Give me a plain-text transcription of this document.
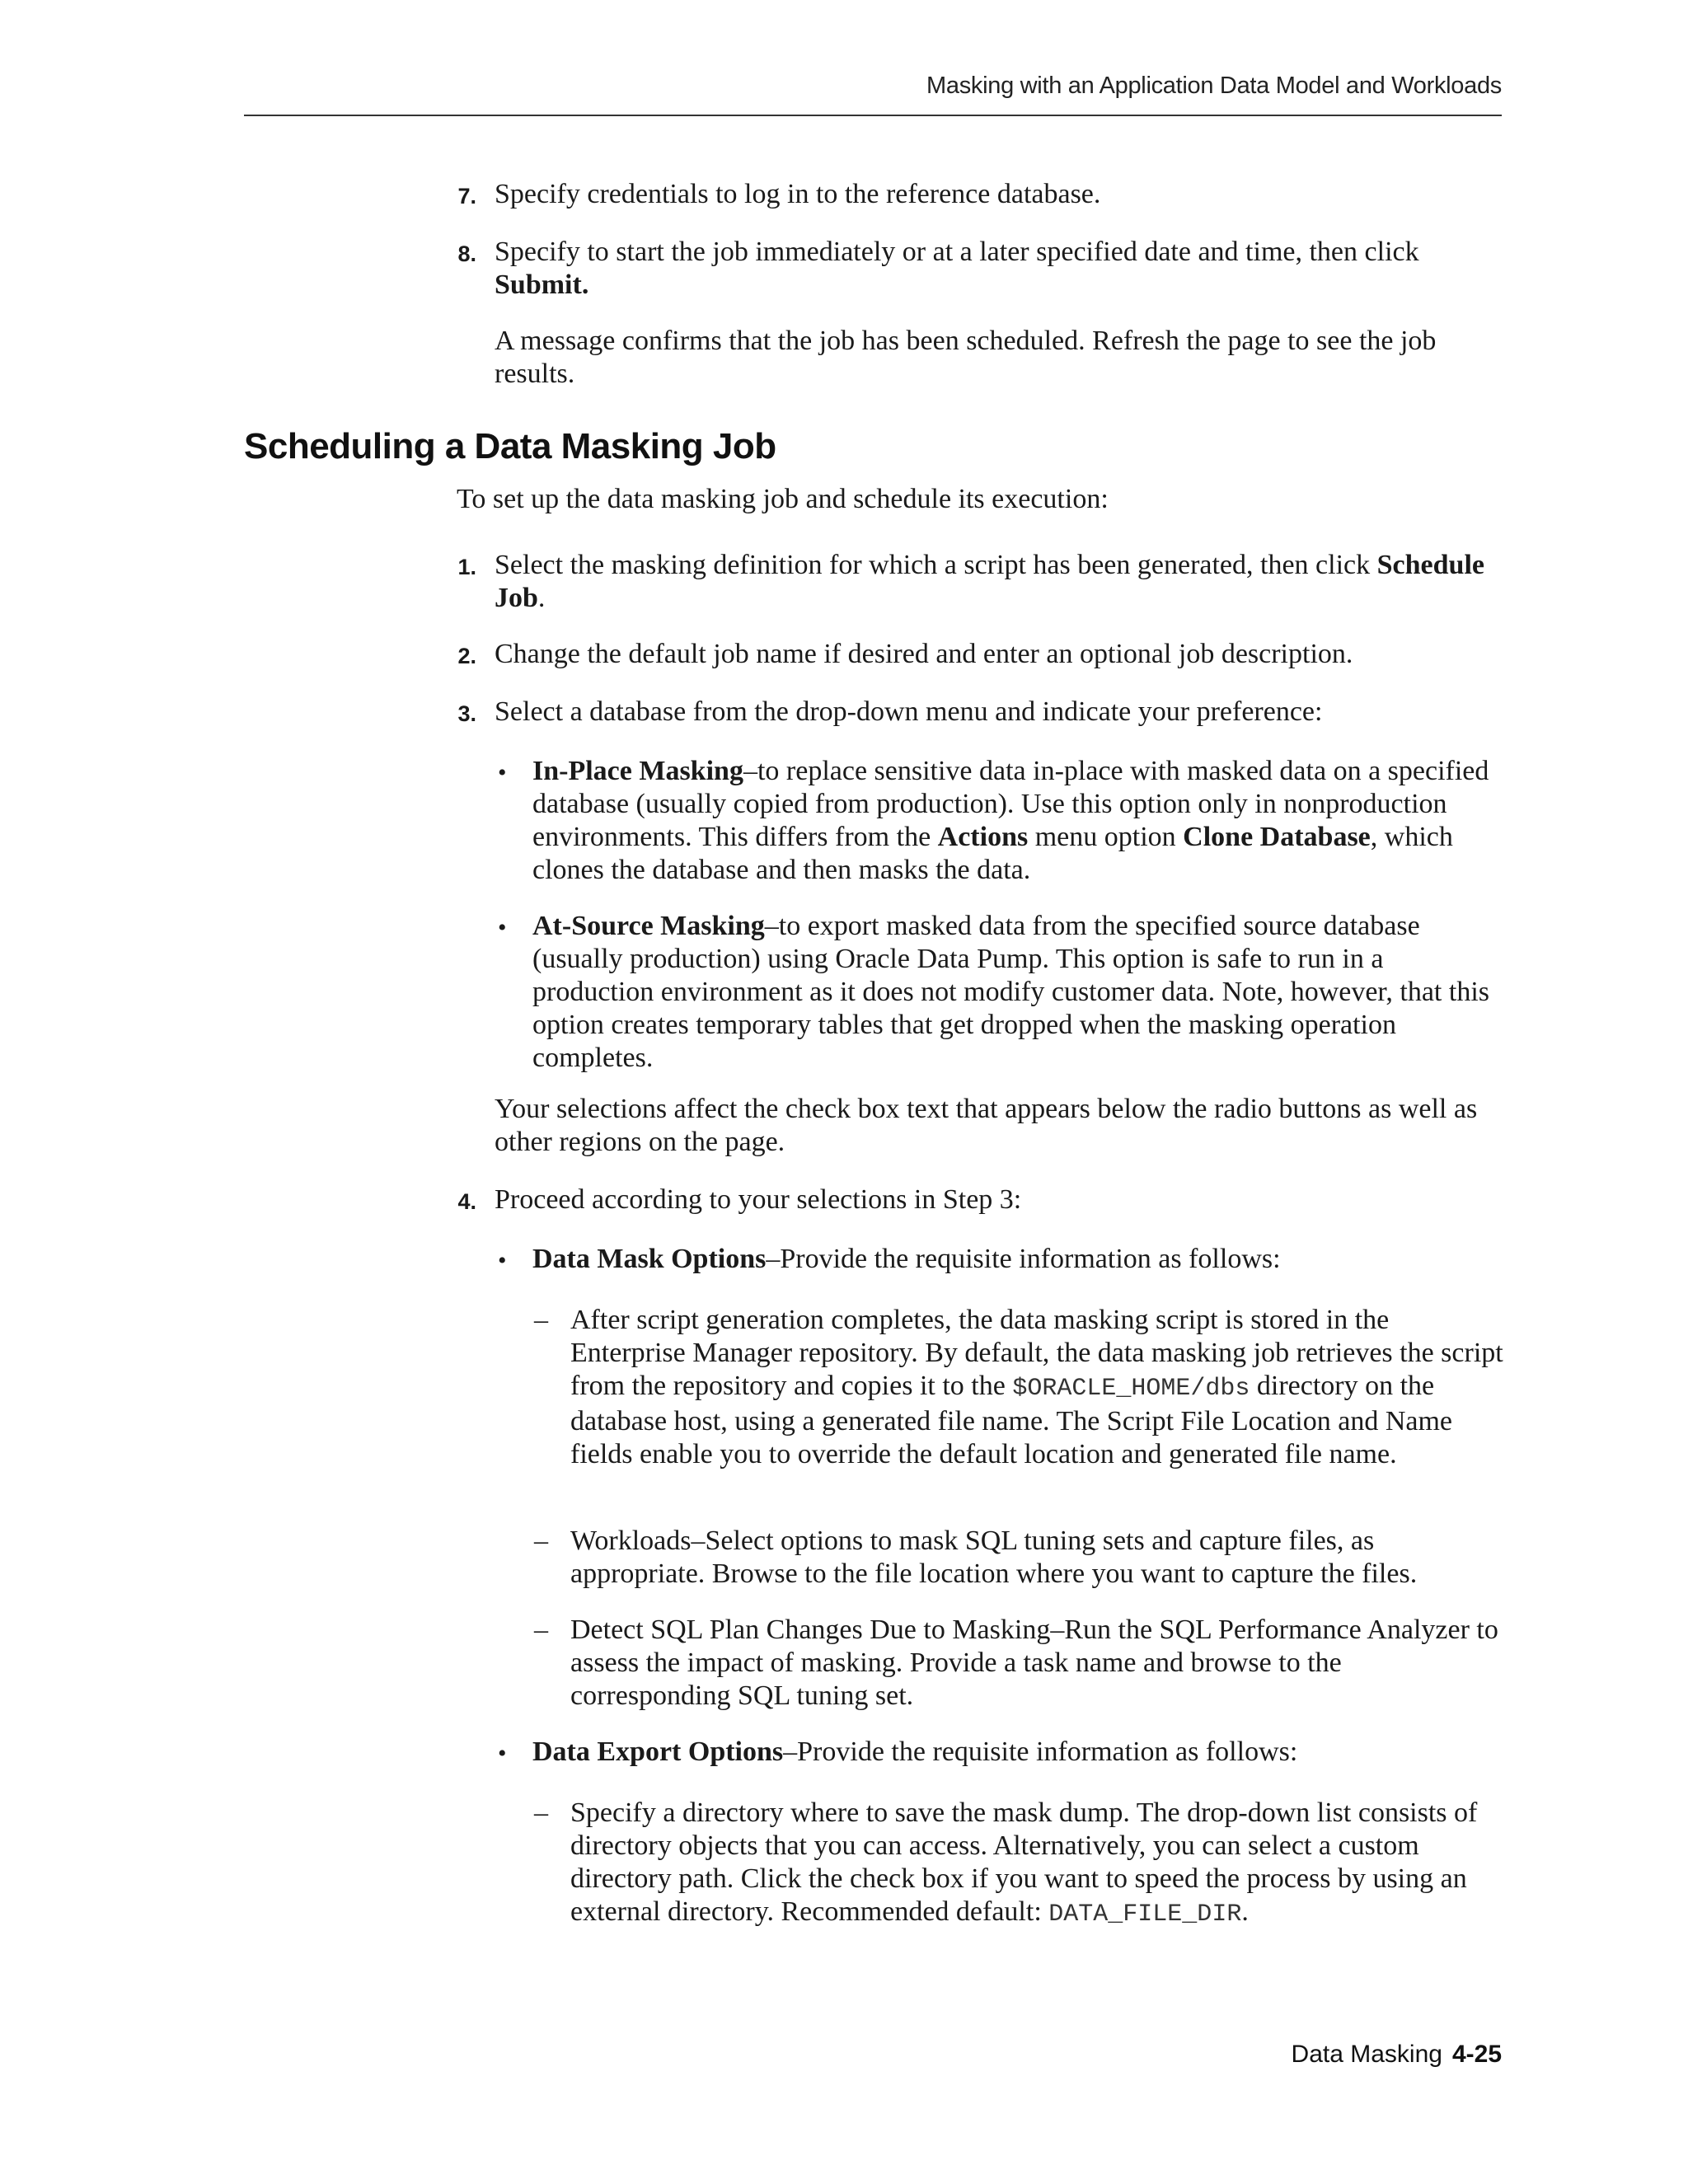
Masking with an Application Data Model and Workloads
7. Specify credentials to log in to the reference database.
8. Specify to start the job immediately or at a later specified date and time, then click Submit.
A message confirms that the job has been scheduled. Refresh the page to see the job results.
Scheduling a Data Masking Job
To set up the data masking job and schedule its execution:
1. Select the masking definition for which a script has been generated, then click Schedule Job.
2. Change the default job name if desired and enter an optional job description.
3. Select a database from the drop-down menu and indicate your preference:
• In-Place Masking–to replace sensitive data in-place with masked data on a specified database (usually copied from production). Use this option only in nonproduction environments. This differs from the Actions menu option Clone Database, which clones the database and then masks the data.
• At-Source Masking–to export masked data from the specified source database (usually production) using Oracle Data Pump. This option is safe to run in a production environment as it does not modify customer data. Note, however, that this option creates temporary tables that get dropped when the masking operation completes.
Your selections affect the check box text that appears below the radio buttons as well as other regions on the page.
4. Proceed according to your selections in Step 3:
• Data Mask Options–Provide the requisite information as follows:
– After script generation completes, the data masking script is stored in the Enterprise Manager repository. By default, the data masking job retrieves the script from the repository and copies it to the $ORACLE_HOME/dbs directory on the database host, using a generated file name. The Script File Location and Name fields enable you to override the default location and generated file name.
– Workloads–Select options to mask SQL tuning sets and capture files, as appropriate. Browse to the file location where you want to capture the files.
– Detect SQL Plan Changes Due to Masking–Run the SQL Performance Analyzer to assess the impact of masking. Provide a task name and browse to the corresponding SQL tuning set.
• Data Export Options–Provide the requisite information as follows:
– Specify a directory where to save the mask dump. The drop-down list consists of directory objects that you can access. Alternatively, you can select a custom directory path. Click the check box if you want to speed the process by using an external directory. Recommended default: DATA_FILE_DIR.
Data Masking 4-25
